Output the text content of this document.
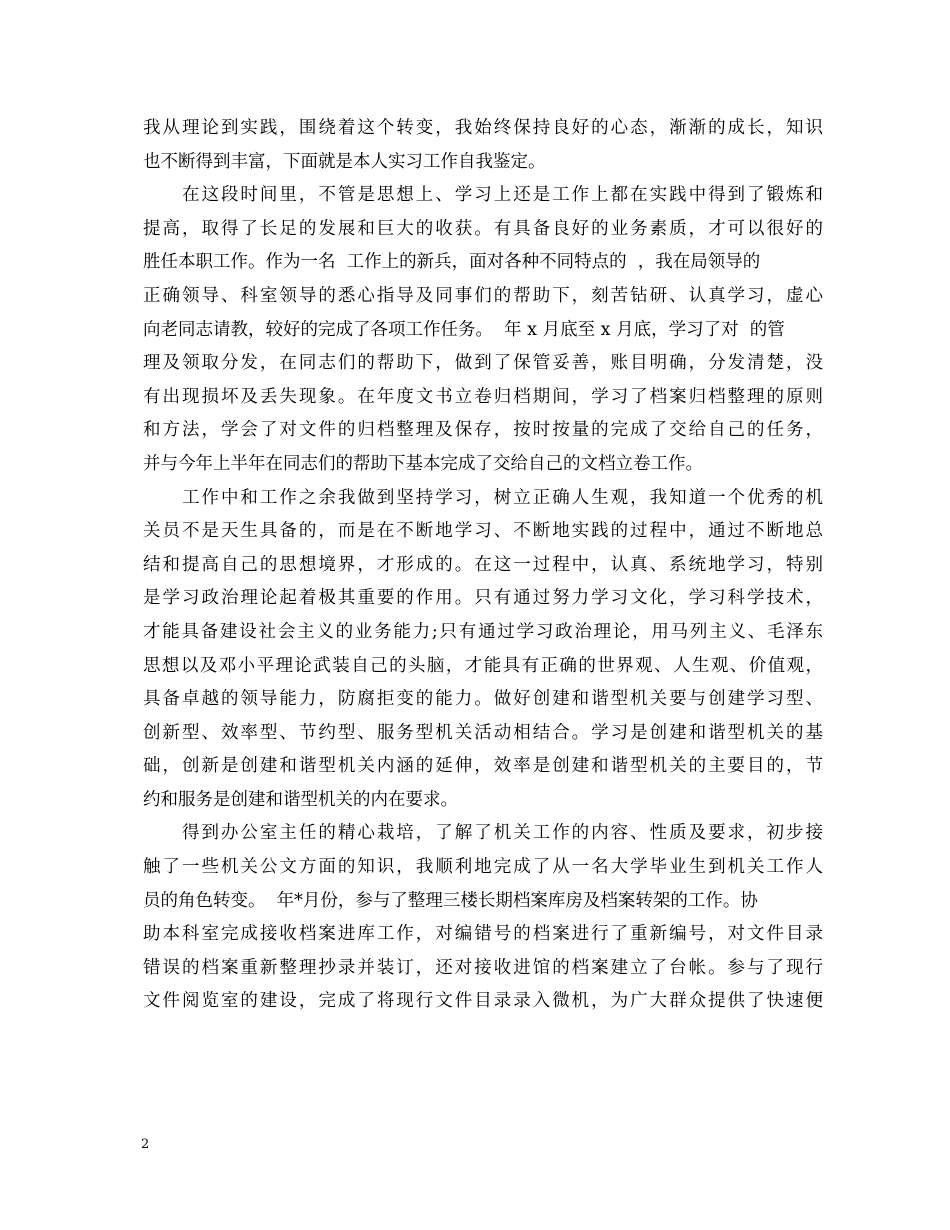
我从理论到实践，围绕着这个转变，我始终保持良好的心态，渐渐的成长，知识
也不断得到丰富，下面就是本人实习工作自我鉴定。
　　在这段时间里，不管是思想上、学习上还是工作上都在实践中得到了锻炼和
提高，取得了长足的发展和巨大的收获。有具备良好的业务素质，才可以很好的
胜任本职工作。作为一名  工作上的新兵，面对各种不同特点的  ，我在局领导的
正确领导、科室领导的悉心指导及同事们的帮助下，刻苦钻研、认真学习，虚心
向老同志请教，较好的完成了各项工作任务。  年 x 月底至 x 月底，学习了对  的管
理及领取分发，在同志们的帮助下，做到了保管妥善，账目明确，分发清楚，没
有出现损坏及丢失现象。在年度文书立卷归档期间，学习了档案归档整理的原则
和方法，学会了对文件的归档整理及保存，按时按量的完成了交给自己的任务，
并与今年上半年在同志们的帮助下基本完成了交给自己的文档立卷工作。
　　工作中和工作之余我做到坚持学习，树立正确人生观，我知道一个优秀的机
关员不是天生具备的，而是在不断地学习、不断地实践的过程中，通过不断地总
结和提高自己的思想境界，才形成的。在这一过程中，认真、系统地学习，特别
是学习政治理论起着极其重要的作用。只有通过努力学习文化，学习科学技术，
才能具备建设社会主义的业务能力;只有通过学习政治理论，用马列主义、毛泽东
思想以及邓小平理论武装自己的头脑，才能具有正确的世界观、人生观、价值观，
具备卓越的领导能力，防腐拒变的能力。做好创建和谐型机关要与创建学习型、
创新型、效率型、节约型、服务型机关活动相结合。学习是创建和谐型机关的基
础，创新是创建和谐型机关内涵的延伸，效率是创建和谐型机关的主要目的，节
约和服务是创建和谐型机关的内在要求。
　　得到办公室主任的精心栽培，了解了机关工作的内容、性质及要求，初步接
触了一些机关公文方面的知识，我顺利地完成了从一名大学毕业生到机关工作人
员的角色转变。  年*月份，参与了整理三楼长期档案库房及档案转架的工作。协
助本科室完成接收档案进库工作，对编错号的档案进行了重新编号，对文件目录
错误的档案重新整理抄录并装订，还对接收进馆的档案建立了台帐。参与了现行
文件阅览室的建设，完成了将现行文件目录录入微机，为广大群众提供了快速便
2
